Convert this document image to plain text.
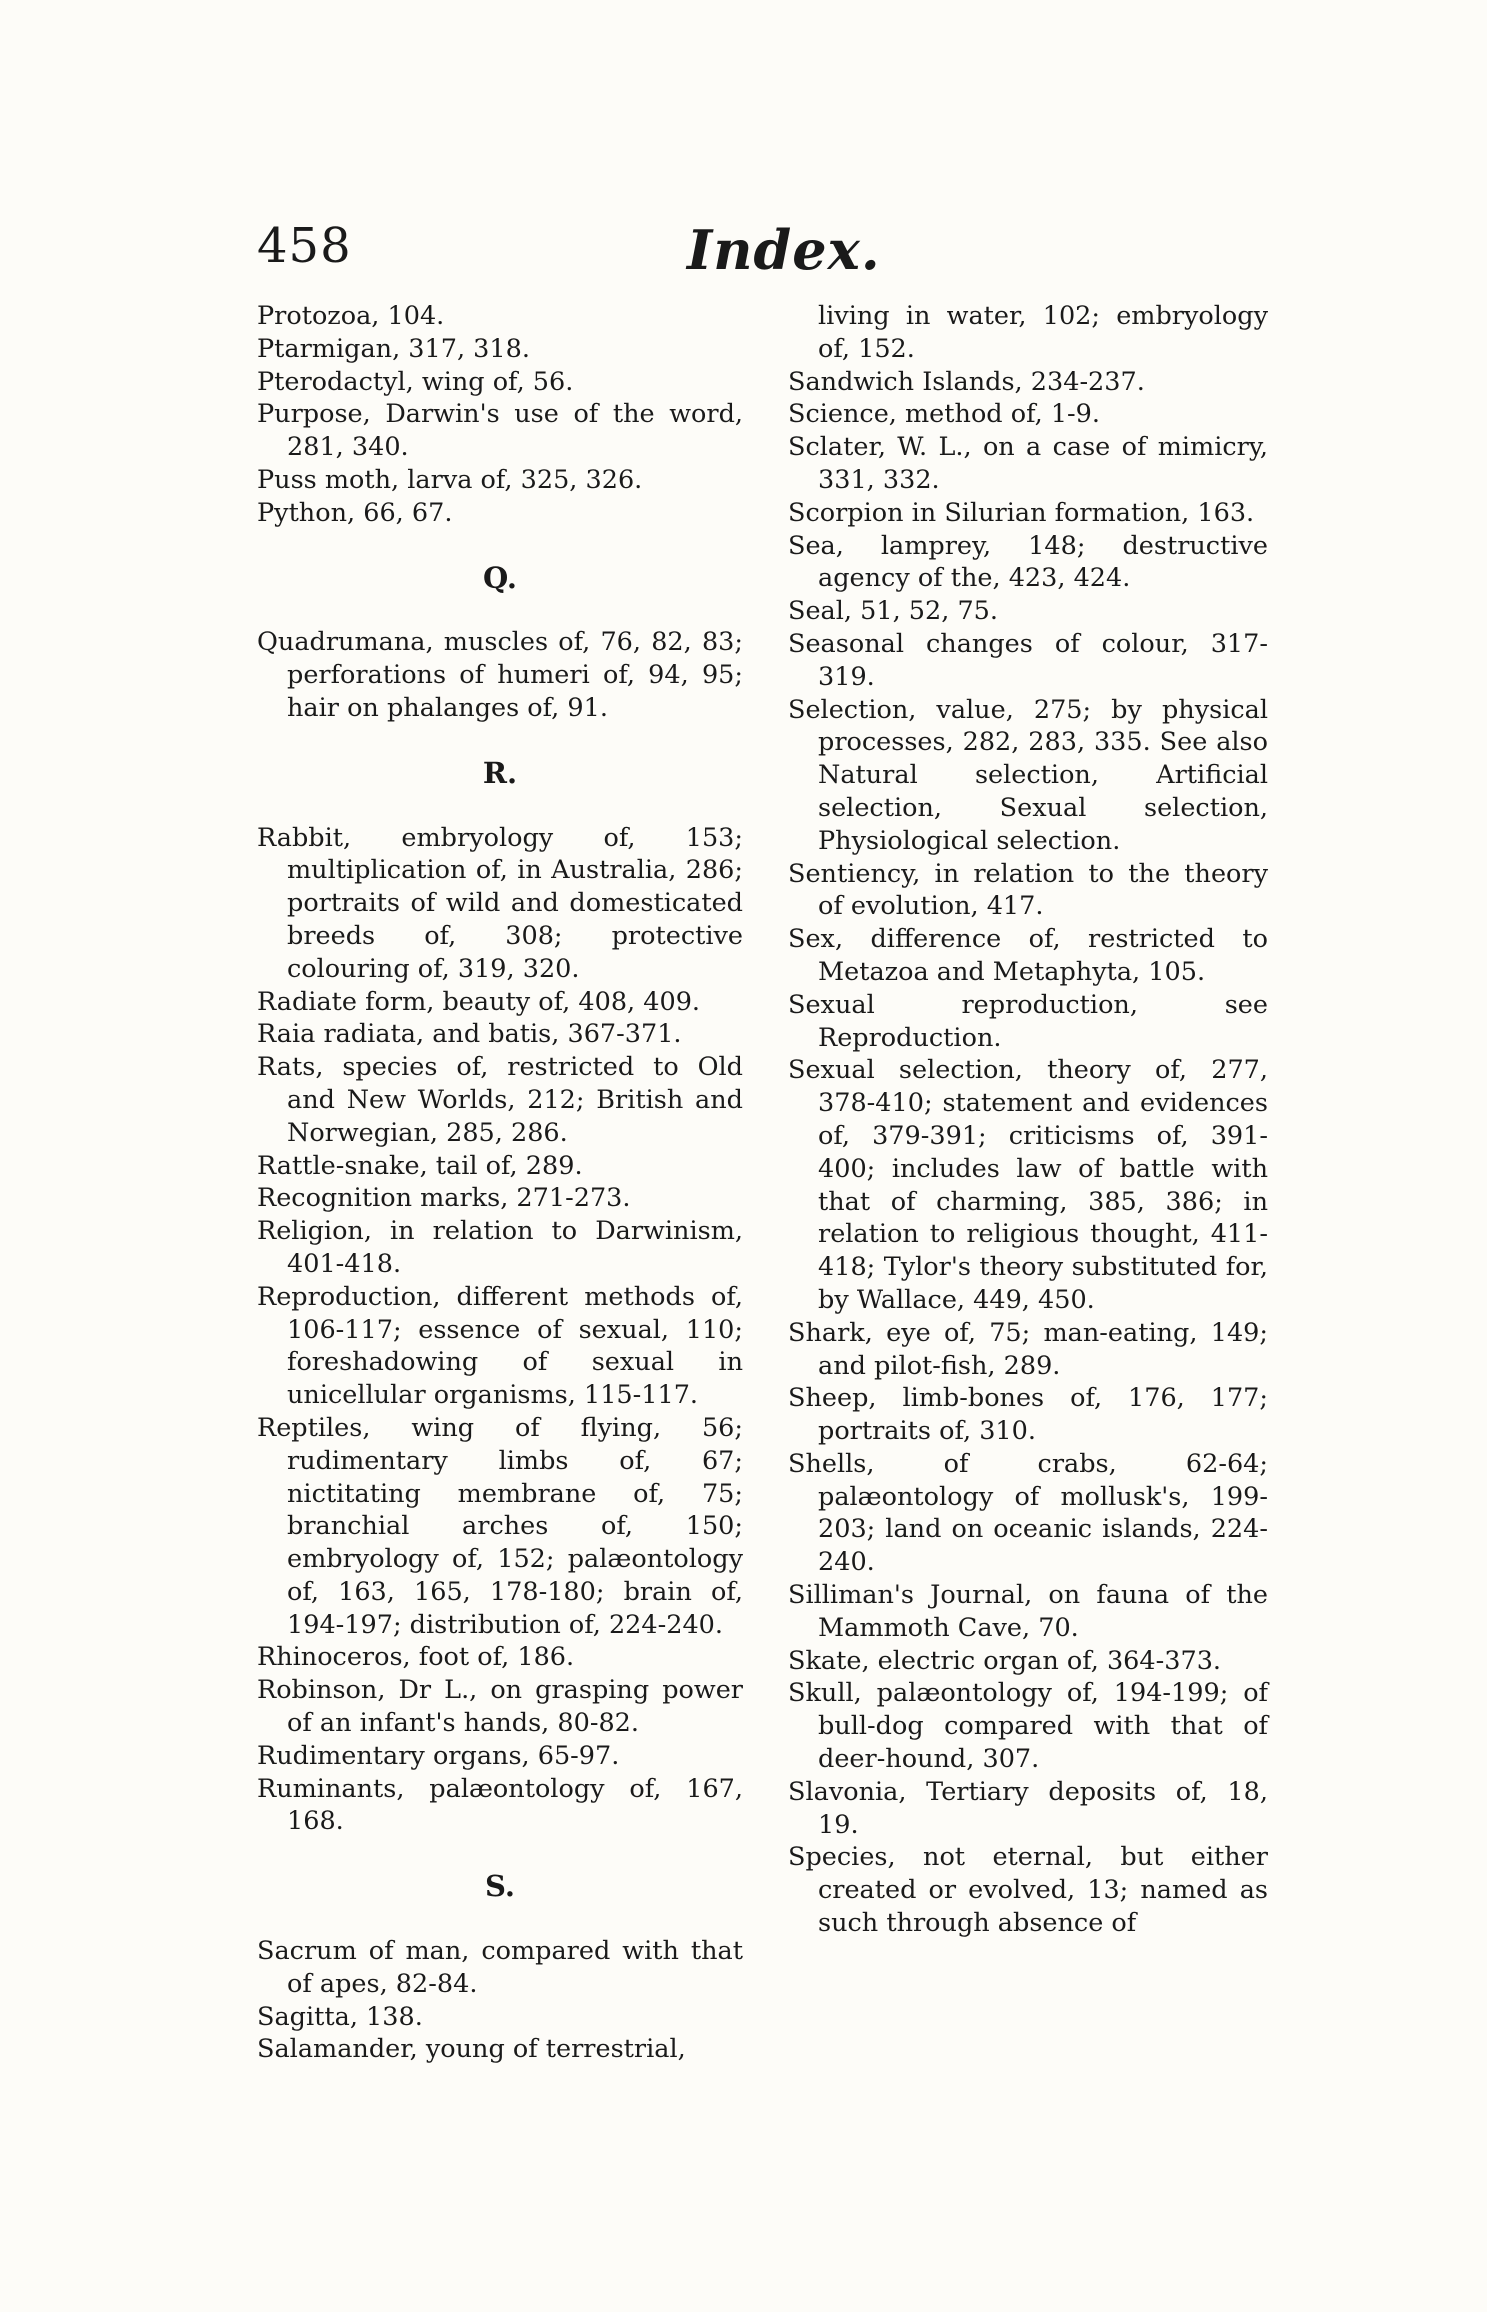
458	Index.
Protozoa, 104.
Ptarmigan, 317, 318.
Pterodactyl, wing of, 56.
Purpose, Darwin's use of the word, 281, 340.
Puss moth, larva of, 325, 326.
Python, 66, 67.
Q.
Quadrumana, muscles of, 76, 82, 83; perforations of humeri of, 94, 95; hair on phalanges of, 91.
R.
Rabbit, embryology of, 153; multiplication of, in Australia, 286; portraits of wild and domesticated breeds of, 308; protective colouring of, 319, 320.
Radiate form, beauty of, 408, 409.
Raia radiata, and batis, 367-371.
Rats, species of, restricted to Old and New Worlds, 212; British and Norwegian, 285, 286.
Rattle-snake, tail of, 289.
Recognition marks, 271-273.
Religion, in relation to Darwinism, 401-418.
Reproduction, different methods of, 106-117; essence of sexual, 110; foreshadowing of sexual in unicellular organisms, 115-117.
Reptiles, wing of flying, 56; rudimentary limbs of, 67; nictitating membrane of, 75; branchial arches of, 150; embryology of, 152; palæontology of, 163, 165, 178-180; brain of, 194-197; distribution of, 224-240.
Rhinoceros, foot of, 186.
Robinson, Dr L., on grasping power of an infant's hands, 80-82.
Rudimentary organs, 65-97.
Ruminants, palæontology of, 167, 168.
S.
Sacrum of man, compared with that of apes, 82-84.
Sagitta, 138.
Salamander, young of terrestrial,
living in water, 102; embryology of, 152.
Sandwich Islands, 234-237.
Science, method of, 1-9.
Sclater, W. L., on a case of mimicry, 331, 332.
Scorpion in Silurian formation, 163.
Sea, lamprey, 148; destructive agency of the, 423, 424.
Seal, 51, 52, 75.
Seasonal changes of colour, 317-319.
Selection, value, 275; by physical processes, 282, 283, 335. See also Natural selection, Artificial selection, Sexual selection, Physiological selection.
Sentiency, in relation to the theory of evolution, 417.
Sex, difference of, restricted to Metazoa and Metaphyta, 105.
Sexual reproduction, see Reproduction.
Sexual selection, theory of, 277, 378-410; statement and evidences of, 379-391; criticisms of, 391-400; includes law of battle with that of charming, 385, 386; in relation to religious thought, 411-418; Tylor's theory substituted for, by Wallace, 449, 450.
Shark, eye of, 75; man-eating, 149; and pilot-fish, 289.
Sheep, limb-bones of, 176, 177; portraits of, 310.
Shells, of crabs, 62-64; palæontology of mollusk's, 199-203; land on oceanic islands, 224-240.
Silliman's Journal, on fauna of the Mammoth Cave, 70.
Skate, electric organ of, 364-373.
Skull, palæontology of, 194-199; of bull-dog compared with that of deer-hound, 307.
Slavonia, Tertiary deposits of, 18, 19.
Species, not eternal, but either created or evolved, 13; named as such through absence of
